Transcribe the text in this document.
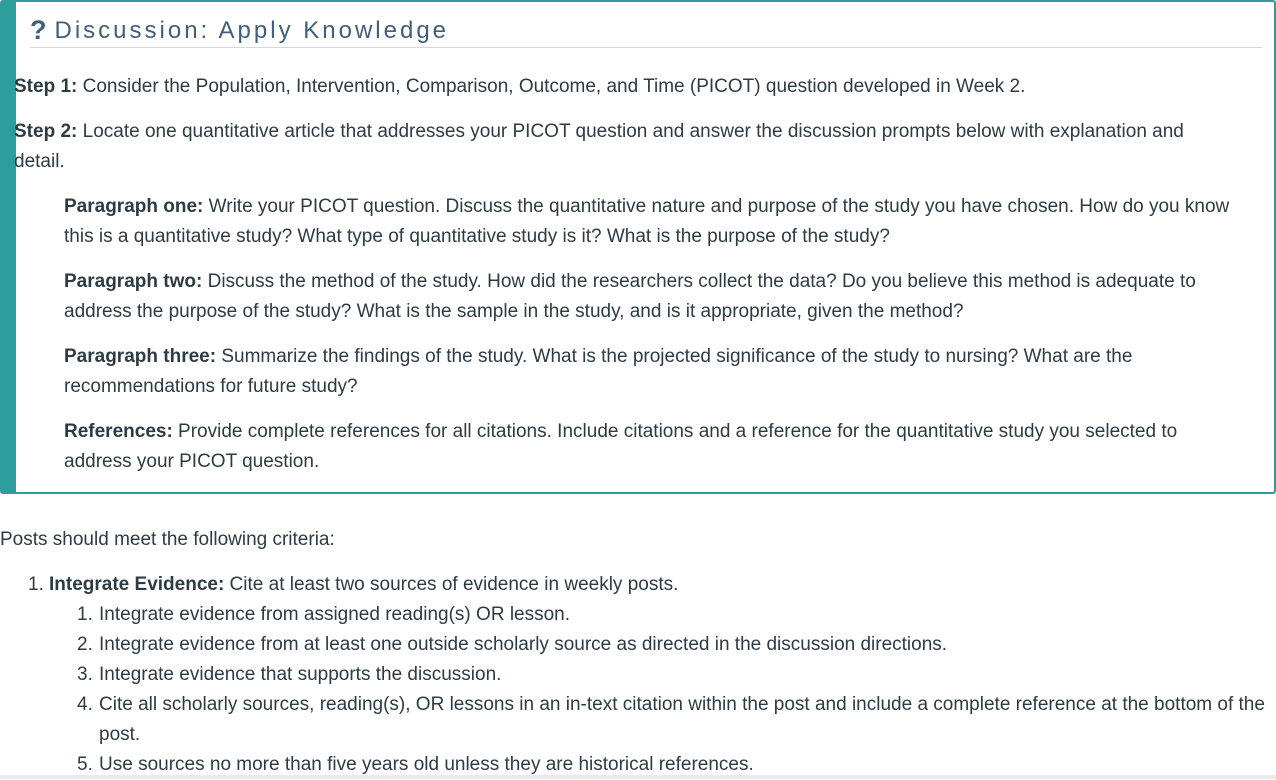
? Discussion: Apply Knowledge
Step 1: Consider the Population, Intervention, Comparison, Outcome, and Time (PICOT) question developed in Week 2.
Step 2: Locate one quantitative article that addresses your PICOT question and answer the discussion prompts below with explanation and detail.
Paragraph one: Write your PICOT question. Discuss the quantitative nature and purpose of the study you have chosen. How do you know this is a quantitative study? What type of quantitative study is it? What is the purpose of the study?
Paragraph two: Discuss the method of the study. How did the researchers collect the data? Do you believe this method is adequate to address the purpose of the study? What is the sample in the study, and is it appropriate, given the method?
Paragraph three: Summarize the findings of the study. What is the projected significance of the study to nursing? What are the recommendations for future study?
References: Provide complete references for all citations. Include citations and a reference for the quantitative study you selected to address your PICOT question.
Posts should meet the following criteria:
1. Integrate Evidence: Cite at least two sources of evidence in weekly posts.
1. Integrate evidence from assigned reading(s) OR lesson.
2. Integrate evidence from at least one outside scholarly source as directed in the discussion directions.
3. Integrate evidence that supports the discussion.
4. Cite all scholarly sources, reading(s), OR lessons in an in-text citation within the post and include a complete reference at the bottom of the post.
5. Use sources no more than five years old unless they are historical references.
